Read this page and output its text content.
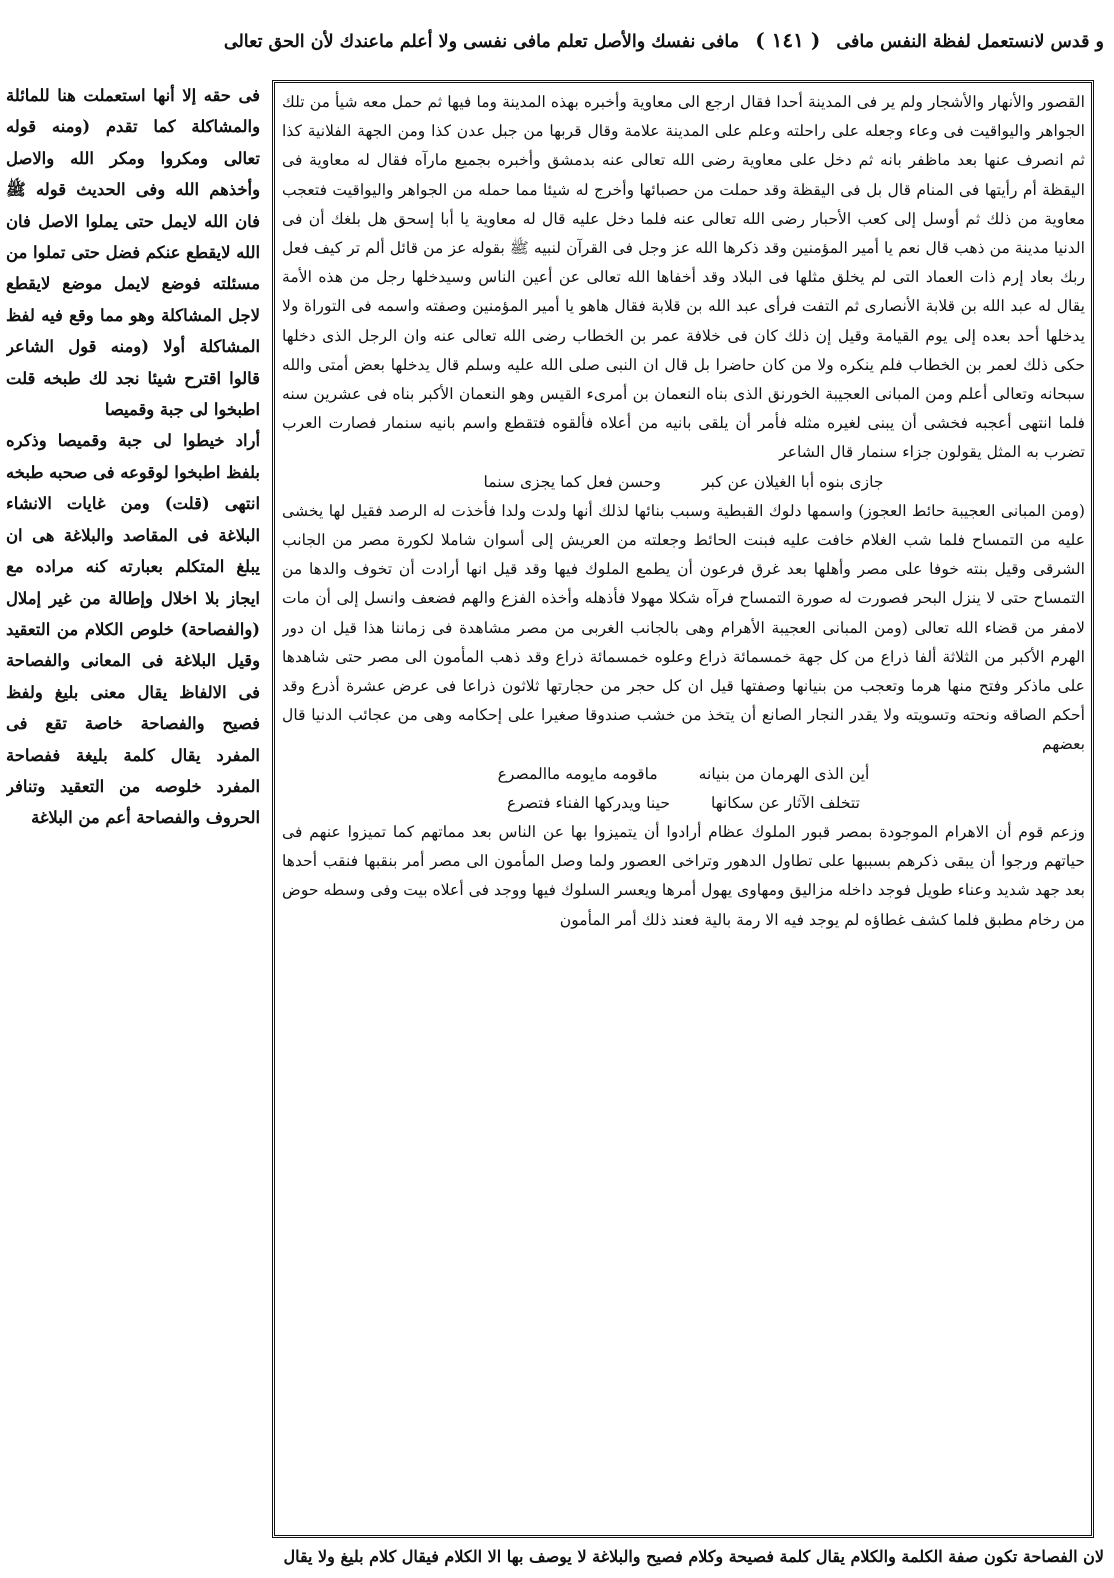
و قدس لانستعمل لفظة النفس مافى ( ١٤١ ) مافى نفسك والأصل تعلم مافى نفسى ولا أعلم ماعندك لأن الحق تعالى

القصور والأنهار والأشجار ولم ير فى المدينة أحدا فقال ارجع الى معاوية وأخبره بهذه المدينة وما فيها ثم حمل معه شيأ من تلك الجواهر واليواقيت فى وعاء وجعله على راحلته وعلم على المدينة علامة وقال قربها من جبل عدن كذا ومن الجهة الفلانية كذا ثم انصرف عنها بعد ماظفر بانه ثم دخل على معاوية رضى الله تعالى عنه بدمشق وأخبره بجميع مارآه فقال له معاوية فى اليقظة أم رأيتها فى المنام قال بل فى اليقظة وقد حملت من حصبائها وأخرج له شيئا مما حمله من الجواهر واليواقيت فتعجب معاوية من ذلك ثم أوسل إلى كعب الأحبار رضى الله تعالى عنه فلما دخل عليه قال له معاوية يا أبا إسحق هل بلغك أن فى الدنيا مدينة من ذهب قال نعم يا أمير المؤمنين وقد ذكرها الله عز وجل فى القرآن لنبيه ﷺ بقوله عز من قائل ألم تر كيف فعل ربك بعاد إرم ذات العماد التى لم يخلق مثلها فى البلاد وقد أخفاها الله تعالى عن أعين الناس وسيدخلها رجل من هذه الأمة يقال له عبد الله بن قلابة الأنصارى ثم التفت فرأى عبد الله بن قلابة فقال هاهو يا أمير المؤمنين وصفته واسمه فى التوراة ولا يدخلها أحد بعده إلى يوم القيامة وقيل إن ذلك كان فى خلافة عمر بن الخطاب رضى الله تعالى عنه وان الرجل الذى دخلها حكى ذلك لعمر بن الخطاب فلم ينكره ولا من كان حاضرا بل قال ان النبى صلى الله عليه وسلم قال يدخلها بعض أمتى والله سبحانه وتعالى أعلم ومن المبانى العجيبة الخورنق الذى بناه النعمان بن أمرىء القيس وهو النعمان الأكبر بناه فى عشرين سنه فلما انتهى أعجبه فخشى أن يبنى لغيره مثله فأمر أن يلقى بانيه من أعلاه فألقوه فتقطع واسم بانيه سنمار فصارت العرب تضرب به المثل يقولون جزاء سنمار قال الشاعر

جازى بنوه أبا الغيلان عن كبر وحسن فعل كما يجزى سنما

(ومن المبانى العجيبة حائط العجوز) واسمها دلوك القبطية وسبب بنائها لذلك أنها ولدت ولدا فأخذت له الرصد فقيل لها يخشى عليه من التمساح فلما شب الغلام خافت عليه فبنت الحائط وجعلته من العريش إلى أسوان شاملا لكورة مصر من الجانب الشرقى وقيل بنته خوفا على مصر وأهلها بعد غرق فرعون أن يطمع الملوك فيها وقد قيل انها أرادت أن تخوف والدها من التمساح حتى لا ينزل البحر فصورت له صورة التمساح فرآه شكلا مهولا فأذهله وأخذه الفزع والهم فضعف وانسل إلى أن مات لامفر من قضاء الله تعالى (ومن المبانى العجيبة الأهرام وهى بالجانب الغربى من مصر مشاهدة فى زماننا هذا قيل ان دور الهرم الأكبر من الثلاثة ألفا ذراع من كل جهة خمسمائة ذراع وعلوه خمسمائة ذراع وقد ذهب المأمون الى مصر حتى شاهدها على ماذكر وفتح منها هرما وتعجب من بنيانها وصفتها قيل ان كل حجر من حجارتها ثلاثون ذراعا فى عرض عشرة أذرع وقد أحكم الصاقه ونحته وتسويته ولا يقدر النجار الصانع أن يتخذ من خشب صندوقا صغيرا على إحكامه وهى من عجائب الدنيا قال بعضهم

أين الذى الهرمان من بنيانه ماقومه مايومه ماالمصرع
تتخلف الآثار عن سكانها حينا ويدركها الفناء فتصرع

وزعم قوم أن الاهرام الموجودة بمصر قبور الملوك عظام أرادوا أن يتميزوا بها عن الناس بعد مماتهم كما تميزوا عنهم فى حياتهم ورجوا أن يبقى ذكرهم بسببها على تطاول الدهور وتراخى العصور ولما وصل المأمون الى مصر أمر بنقبها فنقب أحدها بعد جهد شديد وعناء طويل فوجد داخله مزاليق ومهاوى يهول أمرها ويعسر السلوك فيها ووجد فى أعلاه بيت وفى وسطه حوض من رخام مطبق فلما كشف غطاؤه لم يوجد فيه الا رمة بالية فعند ذلك أمر المأمون

فى حقه إلا أنها استعملت هنا للمائلة والمشاكلة كما تقدم (ومنه قوله تعالى ومكروا ومكر الله والاصل وأخذهم الله وفى الحديث قوله ﷺ فان الله لايمل حتى يملوا الاصل فان الله لايقطع عنكم فضل حتى تملوا من مسئلته فوضع لايمل موضع لايقطع لاجل المشاكلة وهو مما وقع فيه لفظ المشاكلة أولا (ومنه قول الشاعر قالوا اقترح شيئا نجد لك طبخه قلت اطبخوا لى جبة وقميصا

أراد خيطوا لى جبة وقميصا وذكره بلفظ اطبخوا لوقوعه فى صحبه طبخه انتهى (قلت) ومن غايات الانشاء البلاغة فى المقاصد والبلاغة هى ان يبلغ المتكلم بعبارته كنه مراده مع ايجاز بلا اخلال وإطالة من غير إملال (والفصاحة) خلوص الكلام من التعقيد وقيل البلاغة فى المعانى والفصاحة فى الالفاظ يقال معنى بليغ ولفظ فصيح والفصاحة خاصة تقع فى المفرد يقال كلمة بليغة ففصاحة المفرد خلوصه من التعقيد وتنافر الحروف والفصاحة أعم من البلاغة

لان الفصاحة تكون صفة الكلمة والكلام يقال كلمة فصيحة وكلام فصيح والبلاغة لا يوصف بها الا الكلام فيقال كلام بليغ ولا يقال
